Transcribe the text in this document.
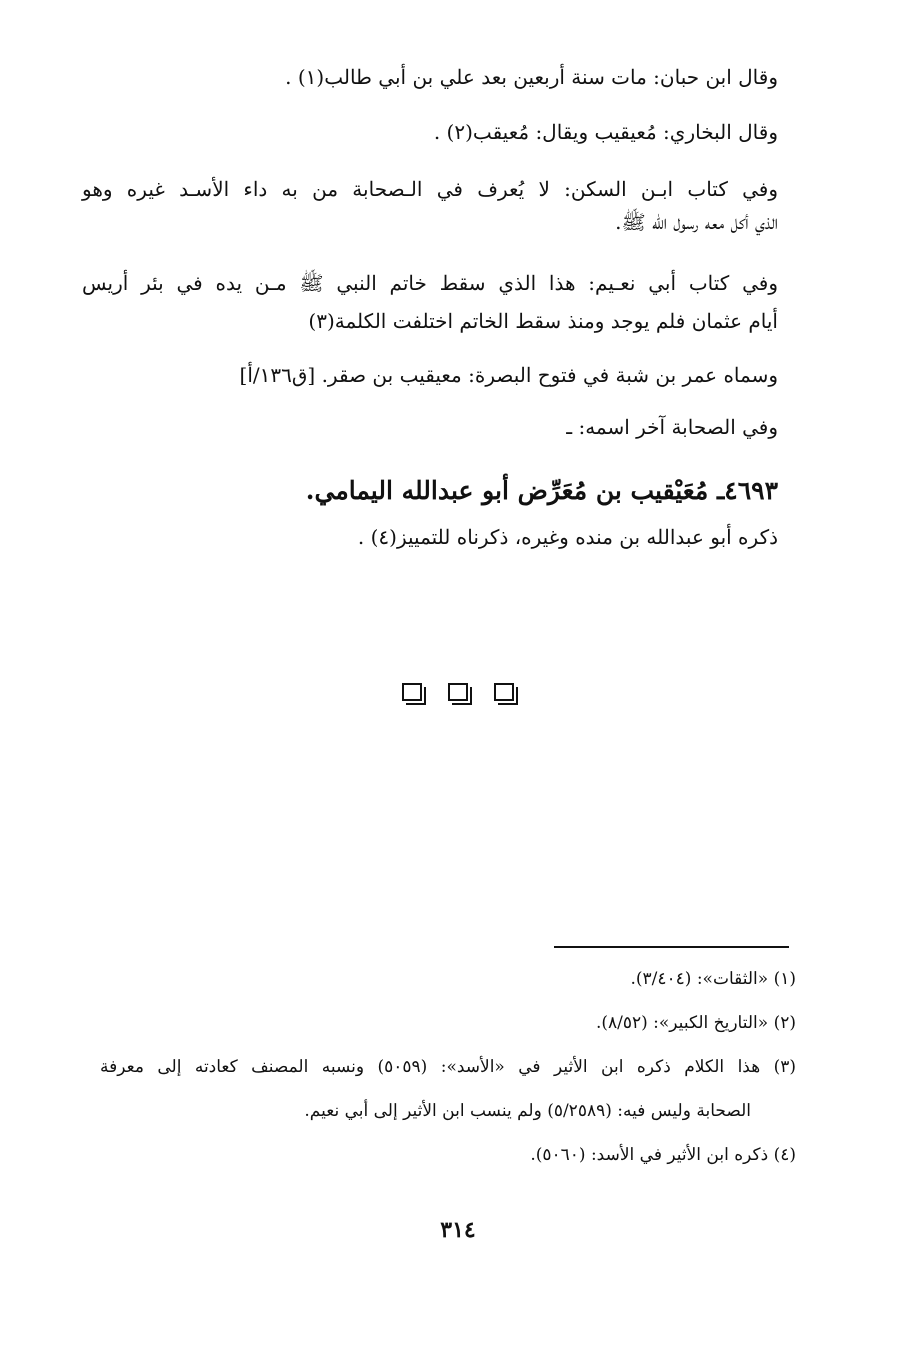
وقال ابن حبان: مات سنة أربعين بعد علي بن أبي طالب(١) .
وقال البخاري: مُعيقيب ويقال: مُعيقب(٢) .
وفي كتاب ابـن السكن: لا يُعرف في الـصحابة من به داء الأسـد غيره وهو
الذي أكل معه رسول الله ﷺ.
وفي كتاب أبي نعـيم: هذا الذي سقط خاتم النبي ﷺ مـن يده في بئر أريس
أيام عثمان فلم يوجد ومنذ سقط الخاتم اختلفت الكلمة(٣)
وسماه عمر بن شبة في فتوح البصرة: معيقيب بن صقر. [ق١٣٦/أ]
وفي الصحابة آخر اسمه: ـ
٤٦٩٣ـ مُعَيْقيب بن مُعَرِّض أبو عبدالله اليمامي.
ذكره أبو عبدالله بن منده وغيره، ذكرناه للتمييز(٤) .
(١) «الثقات»: (٣/٤٠٤).
(٢) «التاريخ الكبير»: (٨/٥٢).
(٣) هذا الكلام ذكره ابن الأثير في «الأسد»: (٥٠٥٩) ونسبه المصنف كعادته إلى معرفة
الصحابة وليس فيه: (٥/٢٥٨٩) ولم ينسب ابن الأثير إلى أبي نعيم.
(٤) ذكره ابن الأثير في الأسد: (٥٠٦٠).
٣١٤
